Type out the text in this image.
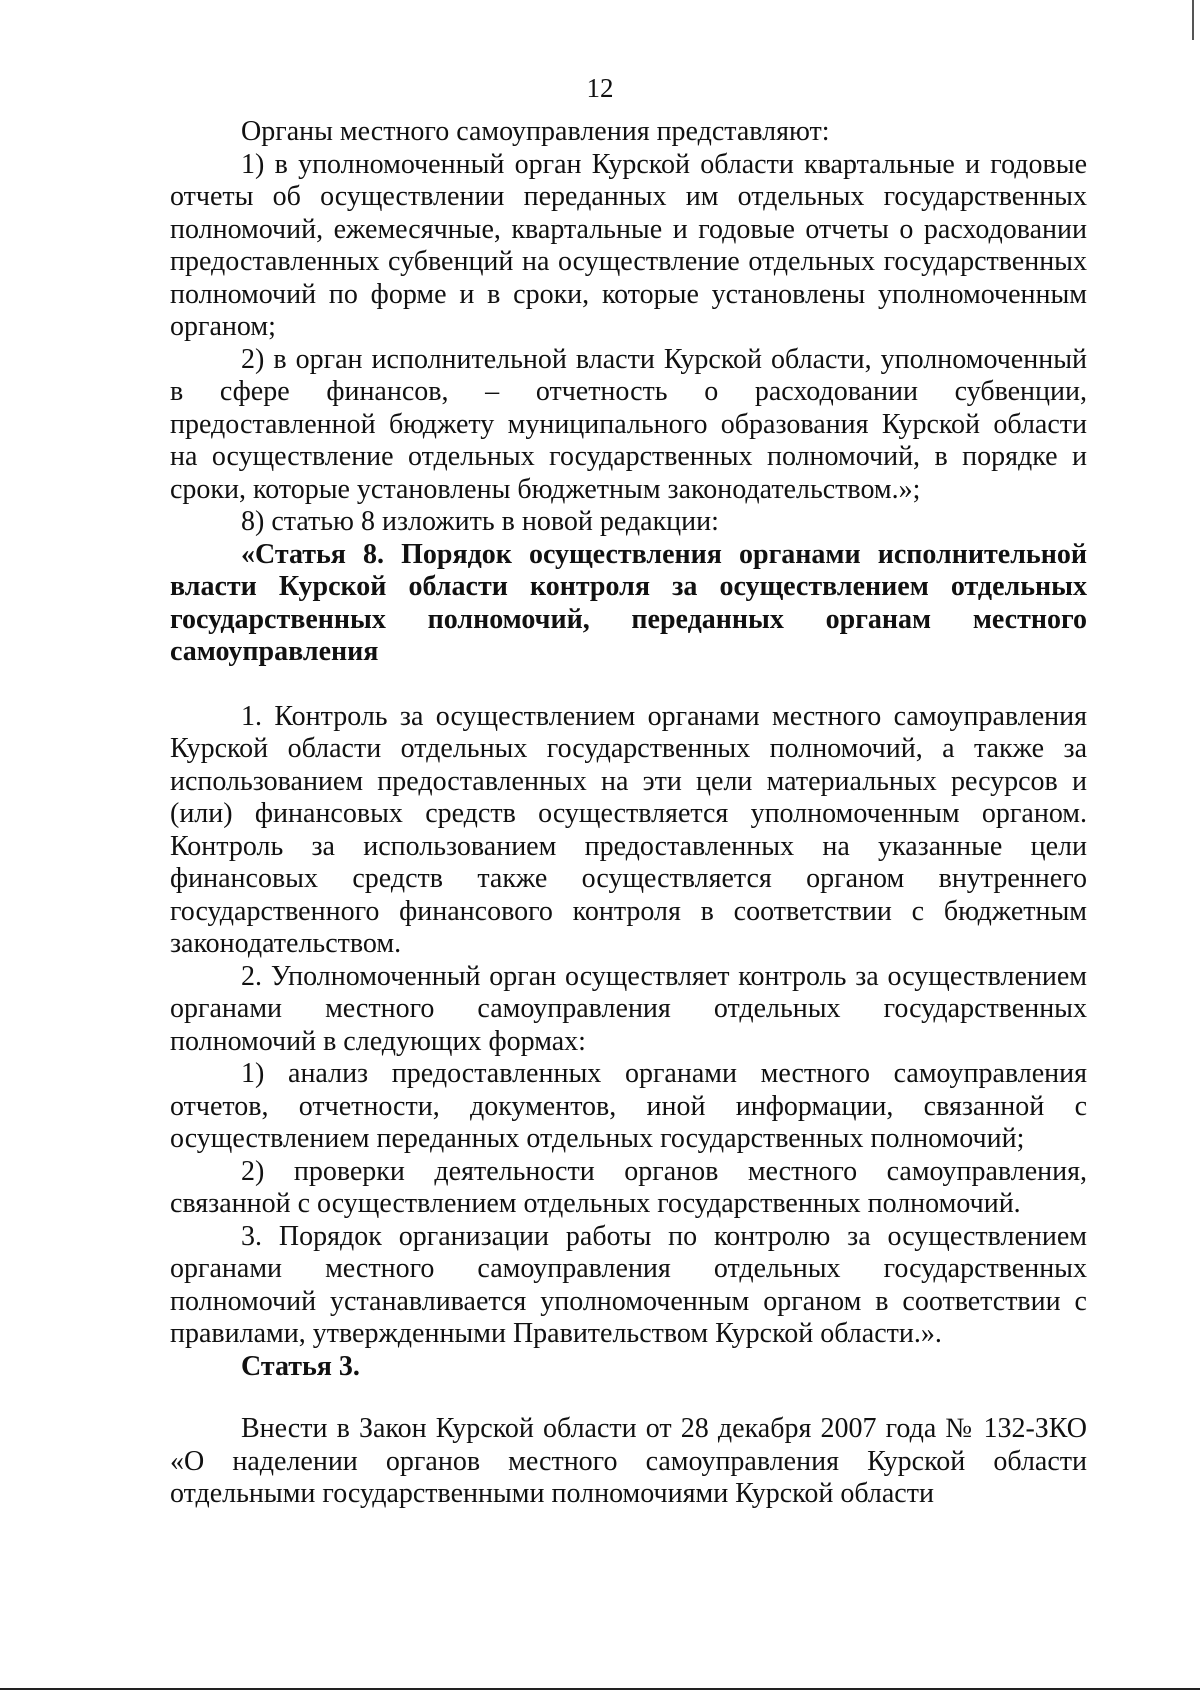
12

Органы местного самоуправления представляют:

1) в уполномоченный орган Курской области квартальные и годовые отчеты об осуществлении переданных им отдельных государственных полномочий, ежемесячные, квартальные и годовые отчеты о расходовании предоставленных субвенций на осуществление отдельных государственных полномочий по форме и в сроки, которые установлены уполномоченным органом;

2) в орган исполнительной власти Курской области, уполномоченный в сфере финансов, – отчетность о расходовании субвенции, предоставленной бюджету муниципального образования Курской области на осуществление отдельных государственных полномочий, в порядке и сроки, которые установлены бюджетным законодательством.»;

8) статью 8 изложить в новой редакции:

«Статья 8. Порядок осуществления органами исполнительной власти Курской области контроля за осуществлением отдельных государственных полномочий, переданных органам местного самоуправления

1. Контроль за осуществлением органами местного самоуправления Курской области отдельных государственных полномочий, а также за использованием предоставленных на эти цели материальных ресурсов и (или) финансовых средств осуществляется уполномоченным органом. Контроль за использованием предоставленных на указанные цели финансовых средств также осуществляется органом внутреннего государственного финансового контроля в соответствии с бюджетным законодательством.

2. Уполномоченный орган осуществляет контроль за осуществлением органами местного самоуправления отдельных государственных полномочий в следующих формах:

1) анализ предоставленных органами местного самоуправления отчетов, отчетности, документов, иной информации, связанной с осуществлением переданных отдельных государственных полномочий;

2) проверки деятельности органов местного самоуправления, связанной с осуществлением отдельных государственных полномочий.

3. Порядок организации работы по контролю за осуществлением органами местного самоуправления отдельных государственных полномочий устанавливается уполномоченным органом в соответствии с правилами, утвержденными Правительством Курской области.».

Статья 3.

Внести в Закон Курской области от 28 декабря 2007 года № 132-ЗКО «О наделении органов местного самоуправления Курской области отдельными государственными полномочиями Курской области
